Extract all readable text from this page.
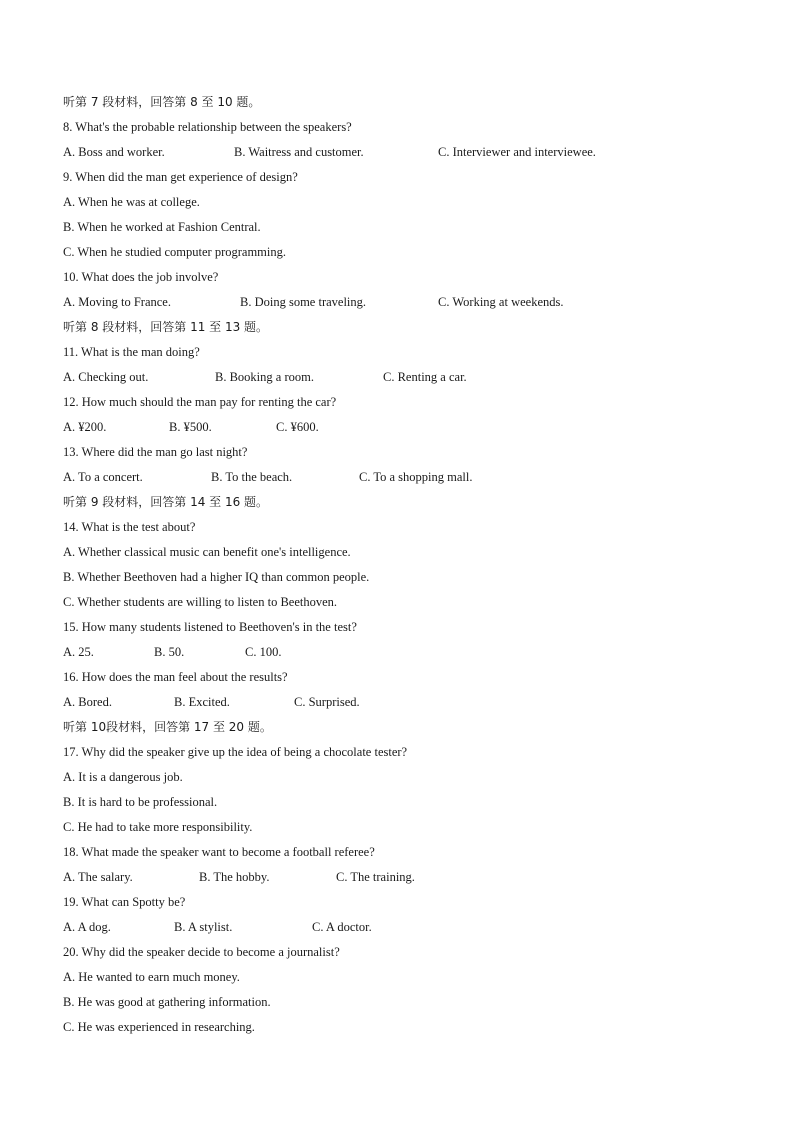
听第 7 段材料，回答第 8 至 10 题。
8. What's the probable relationship between the speakers?
A. Boss and worker.	B. Waitress and customer.	C. Interviewer and interviewee.
9. When did the man get experience of design?
A. When he was at college.
B. When he worked at Fashion Central.
C. When he studied computer programming.
10. What does the job involve?
A. Moving to France.	B. Doing some traveling.	C. Working at weekends.
听第 8 段材料，回答第 11 至 13 题。
11. What is the man doing?
A. Checking out.	B. Booking a room.	C. Renting a car.
12. How much should the man pay for renting the car?
A. ¥200.	B. ¥500.	C. ¥600.
13. Where did the man go last night?
A. To a concert.	B. To the beach.	C. To a shopping mall.
听第 9 段材料，回答第 14 至 16 题。
14. What is the test about?
A. Whether classical music can benefit one's intelligence.
B. Whether Beethoven had a higher IQ than common people.
C. Whether students are willing to listen to Beethoven.
15. How many students listened to Beethoven's in the test?
A. 25.	B. 50.	C. 100.
16. How does the man feel about the results?
A. Bored.	B. Excited.	C. Surprised.
听第 10段材料，回答第 17 至 20 题。
17. Why did the speaker give up the idea of being a chocolate tester?
A. It is a dangerous job.
B. It is hard to be professional.
C. He had to take more responsibility.
18. What made the speaker want to become a football referee?
A. The salary.	B. The hobby.	C. The training.
19. What can Spotty be?
A. A dog.	B. A stylist.	C. A doctor.
20. Why did the speaker decide to become a journalist?
A. He wanted to earn much money.
B. He was good at gathering information.
C. He was experienced in researching.
